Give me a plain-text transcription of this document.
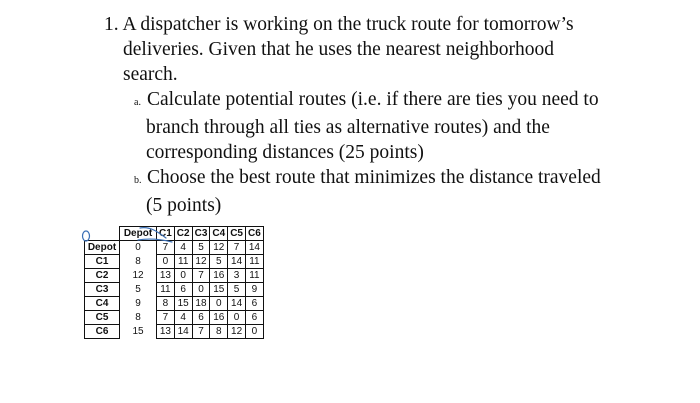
1. A dispatcher is working on the truck route for tomorrow’s
deliveries. Given that he uses the nearest neighborhood
search.
a. Calculate potential routes (i.e. if there are ties you need to
branch through all ties as alternative routes) and the
corresponding distances (25 points)
b. Choose the best route that minimizes the distance traveled
(5 points)
	Depot	C1	C2	C3	C4	C5	C6
Depot	0	7	4	5	12	7	14
C1	8	0	11	12	5	14	11
C2	12	13	0	7	16	3	11
C3	5	11	6	0	15	5	9
C4	9	8	15	18	0	14	6
C5	8	7	4	6	16	0	6
C6	15	13	14	7	8	12	0
